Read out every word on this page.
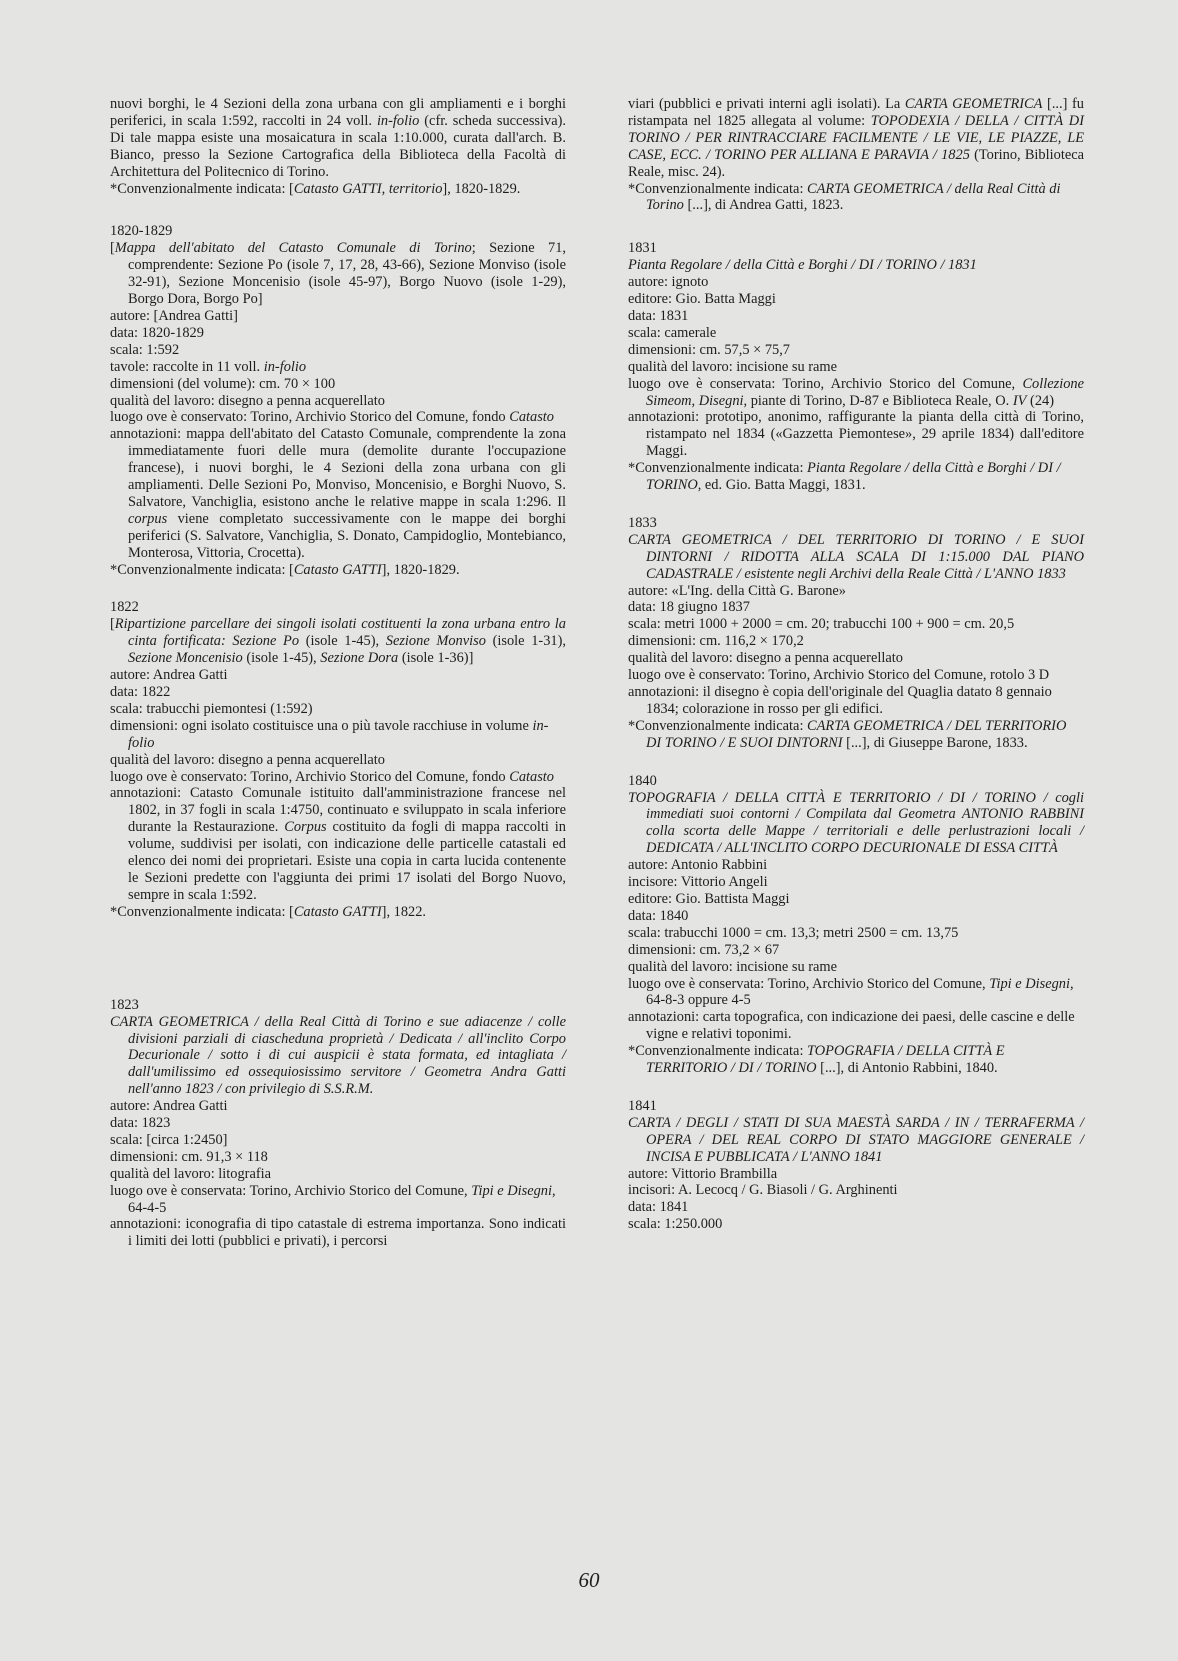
nuovi borghi, le 4 Sezioni della zona urbana con gli ampliamenti e i borghi periferici, in scala 1:592, raccolti in 24 voll. in-folio (cfr. scheda successiva). Di tale mappa esiste una mosaicatura in scala 1:10.000, curata dall'arch. B. Bianco, presso la Sezione Cartografica della Biblioteca della Facoltà di Architettura del Politecnico di Torino.

* Convenzionalmente indicata: [Catasto GATTI, territorio], 1820-1829.

1820-1829

[Mappa dell'abitato del Catasto Comunale di Torino; Sezione 71, comprendente: Sezione Po (isole 7, 17, 28, 43-66), Sezione Monviso (isole 32-91), Sezione Moncenisio (isole 45-97), Borgo Nuovo (isole 1-29), Borgo Dora, Borgo Po]

autore: [Andrea Gatti]

data: 1820-1829

scala: 1:592

tavole: raccolte in 11 voll. in-folio

dimensioni (del volume): cm. 70 × 100

qualità del lavoro: disegno a penna acquerellato

luogo ove è conservato: Torino, Archivio Storico del Comune, fondo Catasto

annotazioni: mappa dell'abitato del Catasto Comunale, comprendente la zona immediatamente fuori delle mura (demolite durante l'occupazione francese), i nuovi borghi, le 4 Sezioni della zona urbana con gli ampliamenti. Delle Sezioni Po, Monviso, Moncenisio, e Borghi Nuovo, S. Salvatore, Vanchiglia, esistono anche le relative mappe in scala 1:296. Il corpus viene completato successivamente con le mappe dei borghi periferici (S. Salvatore, Vanchiglia, S. Donato, Campidoglio, Montebianco, Monterosa, Vittoria, Crocetta).

* Convenzionalmente indicata: [Catasto GATTI], 1820-1829.

1822

[Ripartizione parcellare dei singoli isolati costituenti la zona urbana entro la cinta fortificata: Sezione Po (isole 1-45), Sezione Monviso (isole 1-31), Sezione Moncenisio (isole 1-45), Sezione Dora (isole 1-36)]

autore: Andrea Gatti

data: 1822

scala: trabucchi piemontesi (1:592)

dimensioni: ogni isolato costituisce una o più tavole racchiuse in volume in-folio

qualità del lavoro: disegno a penna acquerellato

luogo ove è conservato: Torino, Archivio Storico del Comune, fondo Catasto

annotazioni: Catasto Comunale istituito dall'amministrazione francese nel 1802, in 37 fogli in scala 1:4750, continuato e sviluppato in scala inferiore durante la Restaurazione. Corpus costituito da fogli di mappa raccolti in volume, suddivisi per isolati, con indicazione delle particelle catastali ed elenco dei nomi dei proprietari. Esiste una copia in carta lucida contenente le Sezioni predette con l'aggiunta dei primi 17 isolati del Borgo Nuovo, sempre in scala 1:592.

* Convenzionalmente indicata: [Catasto GATTI], 1822.

1823

CARTA GEOMETRICA / della Real Città di Torino e sue adiacenze / colle divisioni parziali di ciascheduna proprietà / Dedicata / all'inclito Corpo Decurionale / sotto i di cui auspicii è stata formata, ed intagliata / dall'umilissimo ed ossequiosissimo servitore / Geometra Andra Gatti nell'anno 1823 / con privilegio di S.S.R.M.

autore: Andrea Gatti

data: 1823

scala: [circa 1:2450]

dimensioni: cm. 91,3 × 118

qualità del lavoro: litografia

luogo ove è conservata: Torino, Archivio Storico del Comune, Tipi e Disegni, 64-4-5

annotazioni: iconografia di tipo catastale di estrema importanza. Sono indicati i limiti dei lotti (pubblici e privati), i percorsi

viari (pubblici e privati interni agli isolati). La CARTA GEOMETRICA [...] fu ristampata nel 1825 allegata al volume: TOPODEXIA / DELLA / CITTÀ DI TORINO / PER RINTRACCIARE FACILMENTE / LE VIE, LE PIAZZE, LE CASE, ECC. / TORINO PER ALLIANA E PARAVIA / 1825 (Torino, Biblioteca Reale, misc. 24).

* Convenzionalmente indicata: CARTA GEOMETRICA / della Real Città di Torino [...], di Andrea Gatti, 1823.

1831

Pianta Regolare / della Città e Borghi / DI / TORINO / 1831

autore: ignoto

editore: Gio. Batta Maggi

data: 1831

scala: camerale

dimensioni: cm. 57,5 × 75,7

qualità del lavoro: incisione su rame

luogo ove è conservata: Torino, Archivio Storico del Comune, Collezione Simeom, Disegni, piante di Torino, D-87 e Biblioteca Reale, O. IV (24)

annotazioni: prototipo, anonimo, raffigurante la pianta della città di Torino, ristampato nel 1834 («Gazzetta Piemontese», 29 aprile 1834) dall'editore Maggi.

* Convenzionalmente indicata: Pianta Regolare / della Città e Borghi / DI / TORINO, ed. Gio. Batta Maggi, 1831.

1833

CARTA GEOMETRICA / DEL TERRITORIO DI TORINO / E SUOI DINTORNI / RIDOTTA ALLA SCALA DI 1:15.000 DAL PIANO CADASTRALE / esistente negli Archivi della Reale Città / L'ANNO 1833

autore: «L'Ing. della Città G. Barone»

data: 18 giugno 1837

scala: metri 1000 + 2000 = cm. 20; trabucchi 100 + 900 = cm. 20,5

dimensioni: cm. 116,2 × 170,2

qualità del lavoro: disegno a penna acquerellato

luogo ove è conservato: Torino, Archivio Storico del Comune, rotolo 3 D

annotazioni: il disegno è copia dell'originale del Quaglia datato 8 gennaio 1834; colorazione in rosso per gli edifici.

* Convenzionalmente indicata: CARTA GEOMETRICA / DEL TERRITORIO DI TORINO / E SUOI DINTORNI [...], di Giuseppe Barone, 1833.

1840

TOPOGRAFIA / DELLA CITTÀ E TERRITORIO / DI / TORINO / cogli immediati suoi contorni / Compilata dal Geometra ANTONIO RABBINI colla scorta delle Mappe / territoriali e delle perlustrazioni locali / DEDICATA / ALL'INCLITO CORPO DECURIONALE DI ESSA CITTÀ

autore: Antonio Rabbini

incisore: Vittorio Angeli

editore: Gio. Battista Maggi

data: 1840

scala: trabucchi 1000 = cm. 13,3; metri 2500 = cm. 13,75

dimensioni: cm. 73,2 × 67

qualità del lavoro: incisione su rame

luogo ove è conservata: Torino, Archivio Storico del Comune, Tipi e Disegni, 64-8-3 oppure 4-5

annotazioni: carta topografica, con indicazione dei paesi, delle cascine e delle vigne e relativi toponimi.

* Convenzionalmente indicata: TOPOGRAFIA / DELLA CITTÀ E TERRITORIO / DI / TORINO [...], di Antonio Rabbini, 1840.

1841

CARTA / DEGLI / STATI DI SUA MAESTÀ SARDA / IN / TERRAFERMA / OPERA / DEL REAL CORPO DI STATO MAGGIORE GENERALE / INCISA E PUBBLICATA / L'ANNO 1841

autore: Vittorio Brambilla

incisori: A. Lecocq / G. Biasoli / G. Arghinenti

data: 1841

scala: 1:250.000

60
